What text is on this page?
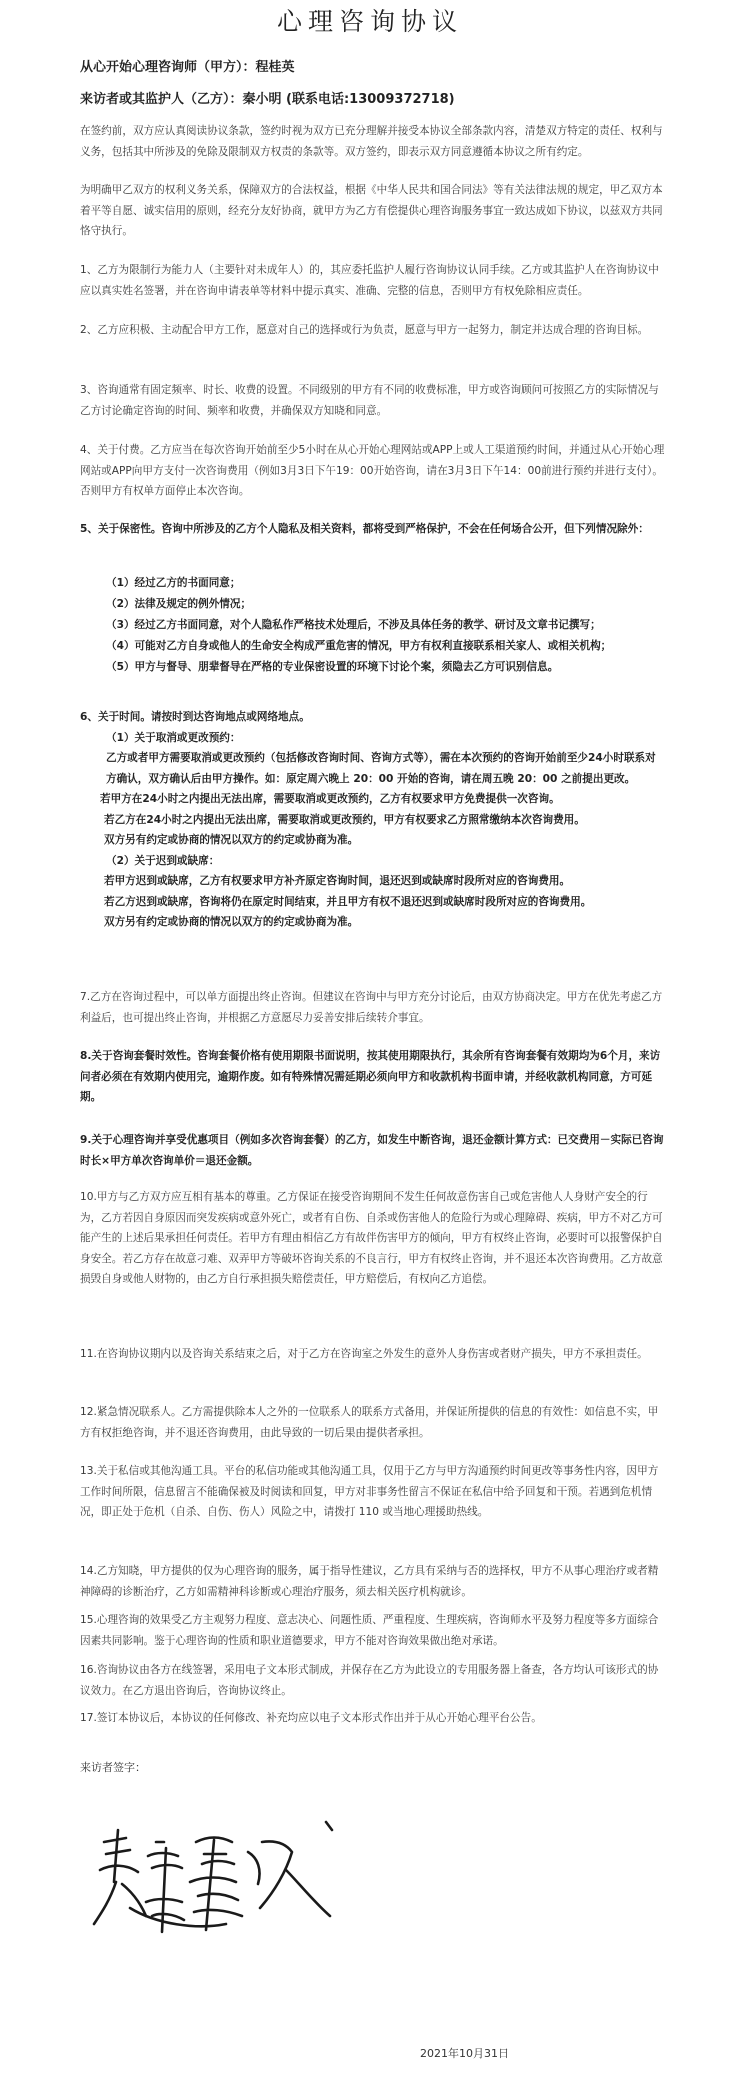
心理咨询协议
从心开始心理咨询师（甲方）：程桂英
来访者或其监护人（乙方）：秦小明 (联系电话:13009372718)
在签约前，双方应认真阅读协议条款，签约时视为双方已充分理解并接受本协议全部条款内容，清楚双方特定的责任、权利与义务，包括其中所涉及的免除及限制双方权责的条款等。双方签约，即表示双方同意遵循本协议之所有约定。
为明确甲乙双方的权利义务关系，保障双方的合法权益，根据《中华人民共和国合同法》等有关法律法规的规定，甲乙双方本着平等自愿、诚实信用的原则，经充分友好协商，就甲方为乙方有偿提供心理咨询服务事宜一致达成如下协议，以兹双方共同恪守执行。
1、乙方为限制行为能力人（主要针对未成年人）的，其应委托监护人履行咨询协议认同手续。乙方或其监护人在咨询协议中应以真实姓名签署，并在咨询申请表单等材料中提示真实、准确、完整的信息，否则甲方有权免除相应责任。
2、乙方应积极、主动配合甲方工作，愿意对自己的选择或行为负责，愿意与甲方一起努力，制定并达成合理的咨询目标。
3、咨询通常有固定频率、时长、收费的设置。不同级别的甲方有不同的收费标准，甲方或咨询顾问可按照乙方的实际情况与乙方讨论确定咨询的时间、频率和收费，并确保双方知晓和同意。
4、关于付费。乙方应当在每次咨询开始前至少5小时在从心开始心理网站或APP上或人工渠道预约时间，并通过从心开始心理网站或APP向甲方支付一次咨询费用（例如3月3日下午19：00开始咨询，请在3月3日下午14：00前进行预约并进行支付）。否则甲方有权单方面停止本次咨询。
5、关于保密性。咨询中所涉及的乙方个人隐私及相关资料，都将受到严格保护，不会在任何场合公开，但下列情况除外：
（1）经过乙方的书面同意；
（2）法律及规定的例外情况；
（3）经过乙方书面同意，对个人隐私作严格技术处理后，不涉及具体任务的教学、研讨及文章书记撰写；
（4）可能对乙方自身或他人的生命安全构成严重危害的情况，甲方有权利直接联系相关家人、或相关机构；
（5）甲方与督导、朋辈督导在严格的专业保密设置的环境下讨论个案，须隐去乙方可识别信息。
6、关于时间。请按时到达咨询地点或网络地点。
（1）关于取消或更改预约：
乙方或者甲方需要取消或更改预约（包括修改咨询时间、咨询方式等），需在本次预约的咨询开始前至少24小时联系对方确认，双方确认后由甲方操作。如：原定周六晚上 20：00 开始的咨询，请在周五晚 20：00 之前提出更改。
若甲方在24小时之内提出无法出席，需要取消或更改预约，乙方有权要求甲方免费提供一次咨询。
若乙方在24小时之内提出无法出席，需要取消或更改预约，甲方有权要求乙方照常缴纳本次咨询费用。
双方另有约定或协商的情况以双方的约定或协商为准。
（2）关于迟到或缺席：
若甲方迟到或缺席，乙方有权要求甲方补齐原定咨询时间，退还迟到或缺席时段所对应的咨询费用。
若乙方迟到或缺席，咨询将仍在原定时间结束，并且甲方有权不退还迟到或缺席时段所对应的咨询费用。
双方另有约定或协商的情况以双方的约定或协商为准。
7.乙方在咨询过程中，可以单方面提出终止咨询。但建议在咨询中与甲方充分讨论后，由双方协商决定。甲方在优先考虑乙方利益后，也可提出终止咨询，并根据乙方意愿尽力妥善安排后续转介事宜。
8.关于咨询套餐时效性。咨询套餐价格有使用期限书面说明，按其使用期限执行，其余所有咨询套餐有效期均为6个月，来访问者必须在有效期内使用完，逾期作废。如有特殊情况需延期必须向甲方和收款机构书面申请，并经收款机构同意，方可延期。
9.关于心理咨询并享受优惠项目（例如多次咨询套餐）的乙方，如发生中断咨询，退还金额计算方式：已交费用－实际已咨询时长×甲方单次咨询单价＝退还金额。
10.甲方与乙方双方应互相有基本的尊重。乙方保证在接受咨询期间不发生任何故意伤害自己或危害他人人身财产安全的行为，乙方若因自身原因而突发疾病或意外死亡，或者有自伤、自杀或伤害他人的危险行为或心理障碍、疾病，甲方不对乙方可能产生的上述后果承担任何责任。若甲方有理由相信乙方有故伴伤害甲方的倾向，甲方有权终止咨询，必要时可以报警保护自身安全。若乙方存在故意刁难、双弄甲方等破坏咨询关系的不良言行，甲方有权终止咨询，并不退还本次咨询费用。乙方故意损毁自身或他人财物的，由乙方自行承担损失赔偿责任，甲方赔偿后，有权向乙方追偿。
11.在咨询协议期内以及咨询关系结束之后，对于乙方在咨询室之外发生的意外人身伤害或者财产损失，甲方不承担责任。
12.紧急情况联系人。乙方需提供除本人之外的一位联系人的联系方式备用，并保证所提供的信息的有效性：如信息不实，甲方有权拒绝咨询，并不退还咨询费用，由此导致的一切后果由提供者承担。
13.关于私信或其他沟通工具。平台的私信功能或其他沟通工具，仅用于乙方与甲方沟通预约时间更改等事务性内容，因甲方工作时间所限，信息留言不能确保被及时阅读和回复，甲方对非事务性留言不保证在私信中给予回复和干预。若遇到危机情况，即正处于危机（自杀、自伤、伤人）风险之中，请拨打 110 或当地心理援助热线。
14.乙方知晓，甲方提供的仅为心理咨询的服务，属于指导性建议，乙方具有采纳与否的选择权，甲方不从事心理治疗或者精神障碍的诊断治疗，乙方如需精神科诊断或心理治疗服务，须去相关医疗机构就诊。
15.心理咨询的效果受乙方主观努力程度、意志决心、问题性质、严重程度、生理疾病，咨询师水平及努力程度等多方面综合因素共同影响。鉴于心理咨询的性质和职业道德要求，甲方不能对咨询效果做出绝对承诺。
16.咨询协议由各方在线签署，采用电子文本形式制成，并保存在乙方为此设立的专用服务器上备查，各方均认可该形式的协议效力。在乙方退出咨询后，咨询协议终止。
17.签订本协议后，本协议的任何修改、补充均应以电子文本形式作出并于从心开始心理平台公告。
来访者签字：
2021年10月31日
